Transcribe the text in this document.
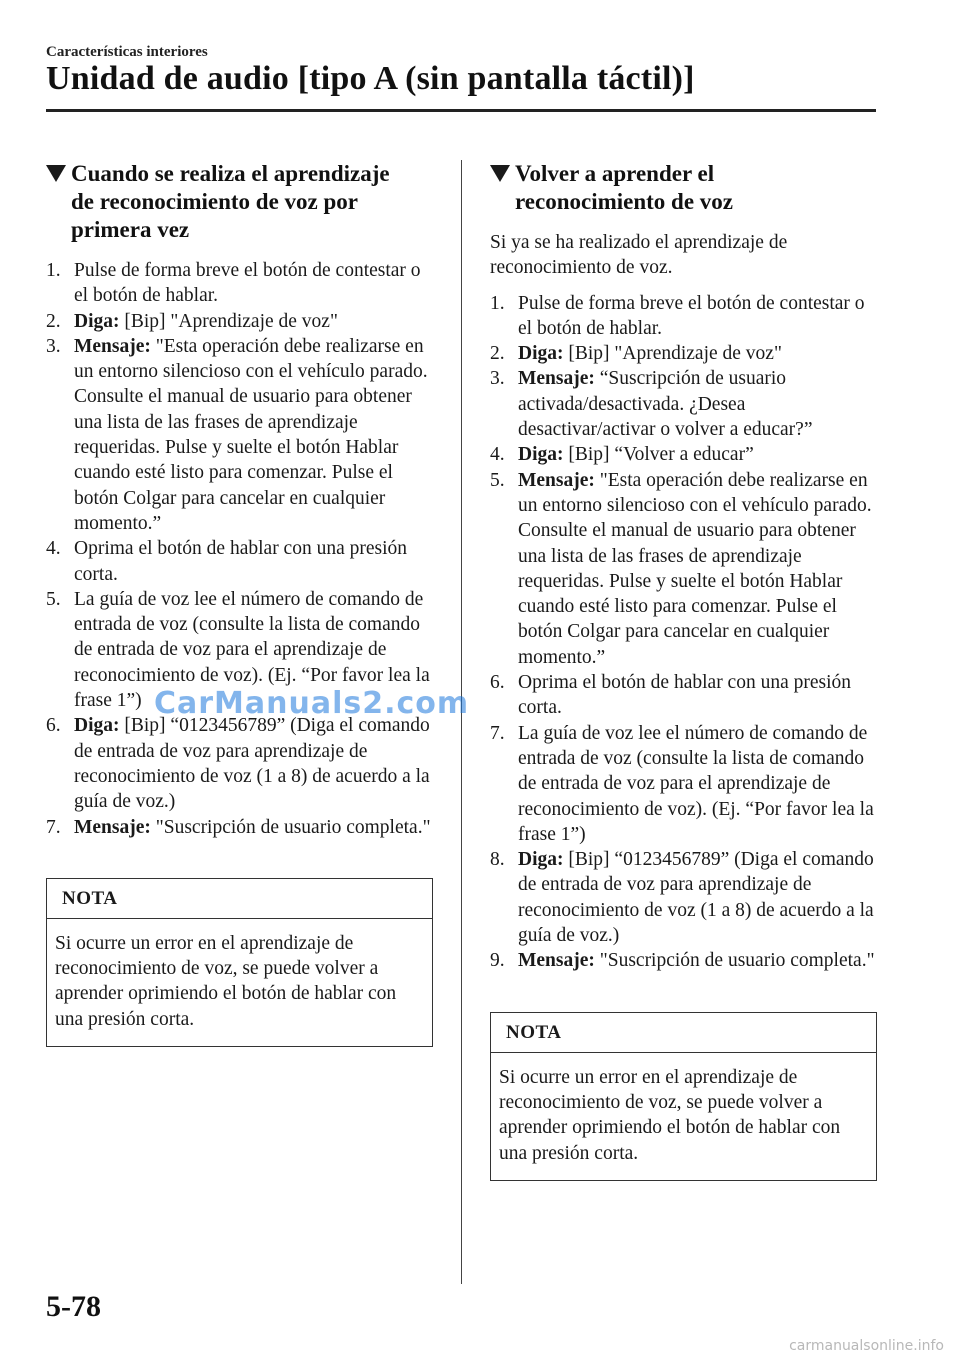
Características interiores
Unidad de audio [tipo A (sin pantalla táctil)]
Cuando se realiza el aprendizaje
de reconocimiento de voz por
primera vez
1. Pulse de forma breve el botón de contestar o el botón de hablar.
2. Diga: [Bip] "Aprendizaje de voz"
3. Mensaje: "Esta operación debe realizarse en un entorno silencioso con el vehículo parado. Consulte el manual de usuario para obtener una lista de las frases de aprendizaje requeridas. Pulse y suelte el botón Hablar cuando esté listo para comenzar. Pulse el botón Colgar para cancelar en cualquier momento.”
4. Oprima el botón de hablar con una presión corta.
5. La guía de voz lee el número de comando de entrada de voz (consulte la lista de comando de entrada de voz para el aprendizaje de reconocimiento de voz). (Ej. “Por favor lea la frase 1”)
6. Diga: [Bip] “0123456789” (Diga el comando de entrada de voz para aprendizaje de reconocimiento de voz (1 a 8) de acuerdo a la guía de voz.)
7. Mensaje: "Suscripción de usuario completa."
NOTA
Si ocurre un error en el aprendizaje de reconocimiento de voz, se puede volver a aprender oprimiendo el botón de hablar con una presión corta.
Volver a aprender el
reconocimiento de voz

Si ya se ha realizado el aprendizaje de reconocimiento de voz.

1. Pulse de forma breve el botón de contestar o el botón de hablar.
2. Diga: [Bip] "Aprendizaje de voz"
3. Mensaje: “Suscripción de usuario activada/desactivada. ¿Desea desactivar/activar o volver a educar?”
4. Diga: [Bip] “Volver a educar”
5. Mensaje: "Esta operación debe realizarse en un entorno silencioso con el vehículo parado. Consulte el manual de usuario para obtener una lista de las frases de aprendizaje requeridas. Pulse y suelte el botón Hablar cuando esté listo para comenzar. Pulse el botón Colgar para cancelar en cualquier momento.”
6. Oprima el botón de hablar con una presión corta.
7. La guía de voz lee el número de comando de entrada de voz (consulte la lista de comando de entrada de voz para el aprendizaje de reconocimiento de voz). (Ej. “Por favor lea la frase 1”)
8. Diga: [Bip] “0123456789” (Diga el comando de entrada de voz para aprendizaje de reconocimiento de voz (1 a 8) de acuerdo a la guía de voz.)
9. Mensaje: "Suscripción de usuario completa."
NOTA
Si ocurre un error en el aprendizaje de reconocimiento de voz, se puede volver a aprender oprimiendo el botón de hablar con una presión corta.
5-78
CarManuals2.com
carmanualsonline.info
